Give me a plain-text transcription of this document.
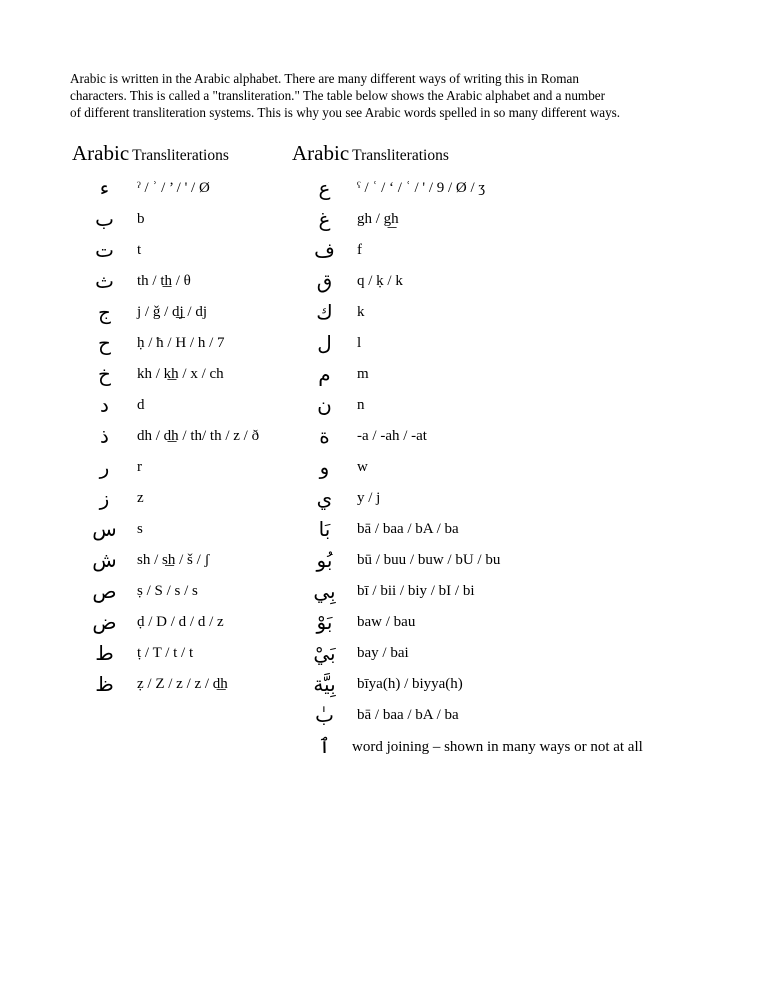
Arabic is written in the Arabic alphabet. There are many different ways of writing this in Roman

characters. This is called a "transliteration." The table below shows the Arabic alphabet and a number

of different transliteration systems. This is why you see Arabic words spelled in so many different ways.

Arabic Transliterations
ء	ˀ / ʾ / ’ / ' / Ø
ب	b
ت	t
ث	th / t͟h / θ
ج	j / ǧ / d͟j / dj
ح	ḥ / ħ / H / h / 7
خ	kh / k͟h / x / ch
د	d
ذ	dh / d͟h / th/ th / z / ð
ر	r
ز	z
س	s
ش	sh / s͟h / š / ʃ
ص	ṣ / S / s / s
ض	ḍ / D / d / d / z
ط	ṭ / T / t / t
ظ	ẓ / Z / z / z / d͟h
Arabic Transliterations
ع	ˁ / ʿ / ‘ / ʿ / ' / 9 / Ø / ʒ
غ	gh / g͟h
ف	f
ق	q / ḳ / k
ك	k
ل	l
م	m
ن	n
ة	-a / -ah / -at
و	w
ي	y / j
بَا	bā / baa / bA / ba
بُو	bū / buu / buw / bU / bu
بِي	bī / bii / biy / bI / bi
بَوْ	baw / bau
بَيْ	bay / bai
بِيَّة	bīya(h) / biyya(h)
بٰ	bā / baa / bA / ba
ٱ	word joining – shown in many ways or not at all
